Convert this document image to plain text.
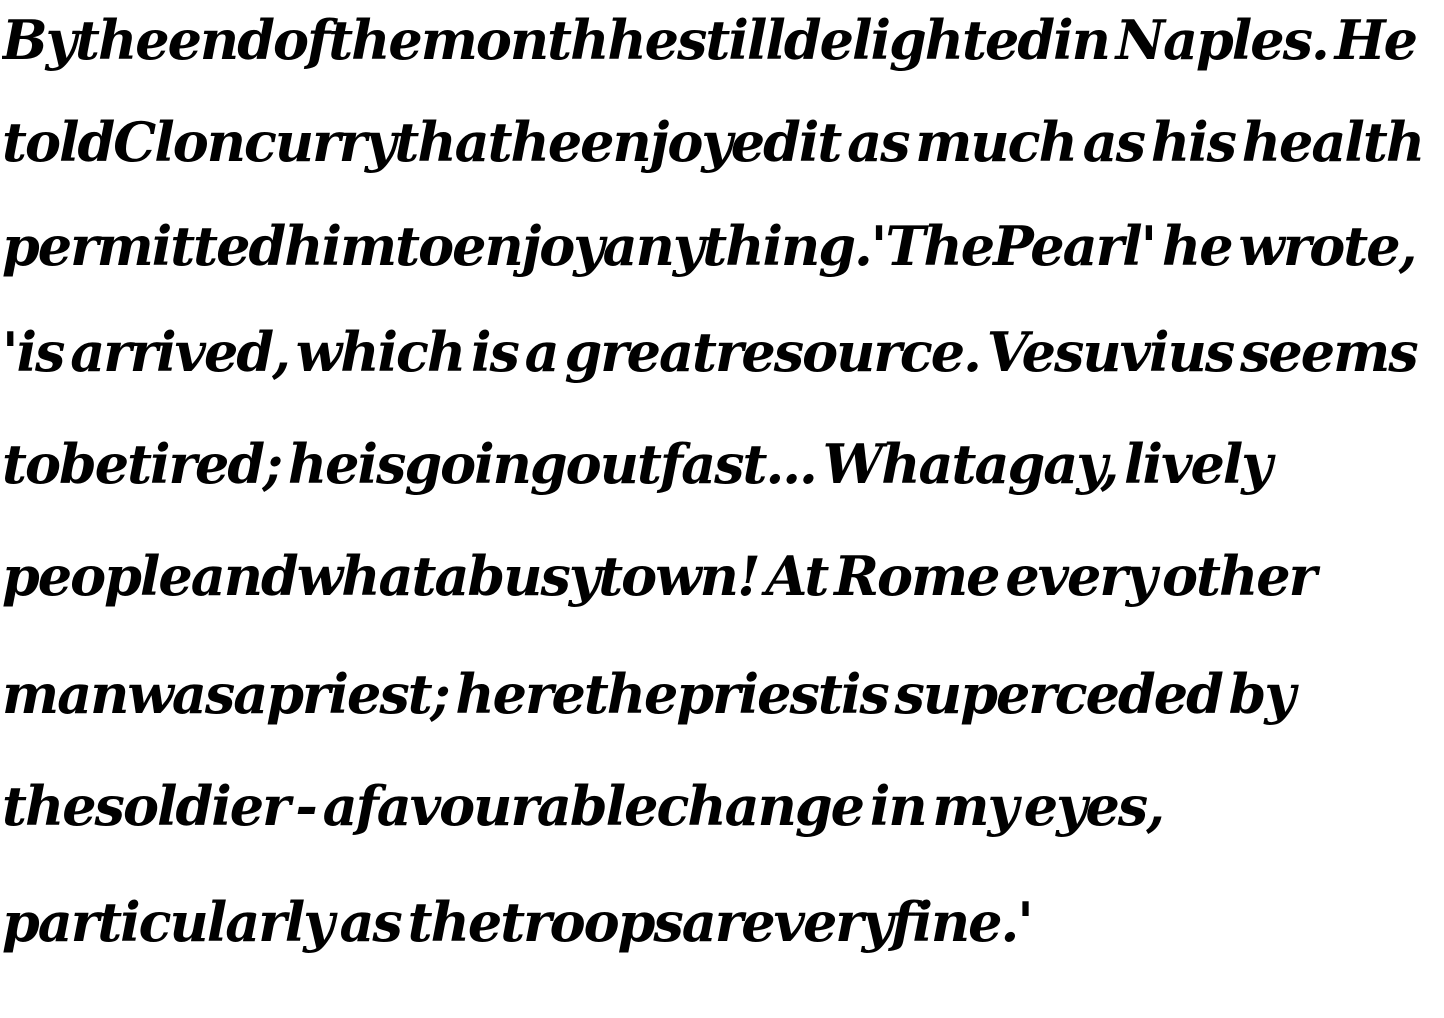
Bytheendofthemonthhestilldelightedin Naples. He
toldCloncurrythatheenjoyedit as much as his health
permittedhimtoenjoyanything.'ThePearl' he wrote,
'is arrived, which is a greatresource. Vesuvius seems
tobetired; heisgoingoutfast... Whatagay, lively
peopleandwhatabusytown! At Rome every other
manwasapriest; herethepriestis superceded by
thesoldier - afavourablechange in my eyes,
particularly as thetroopsareveryfine.'
